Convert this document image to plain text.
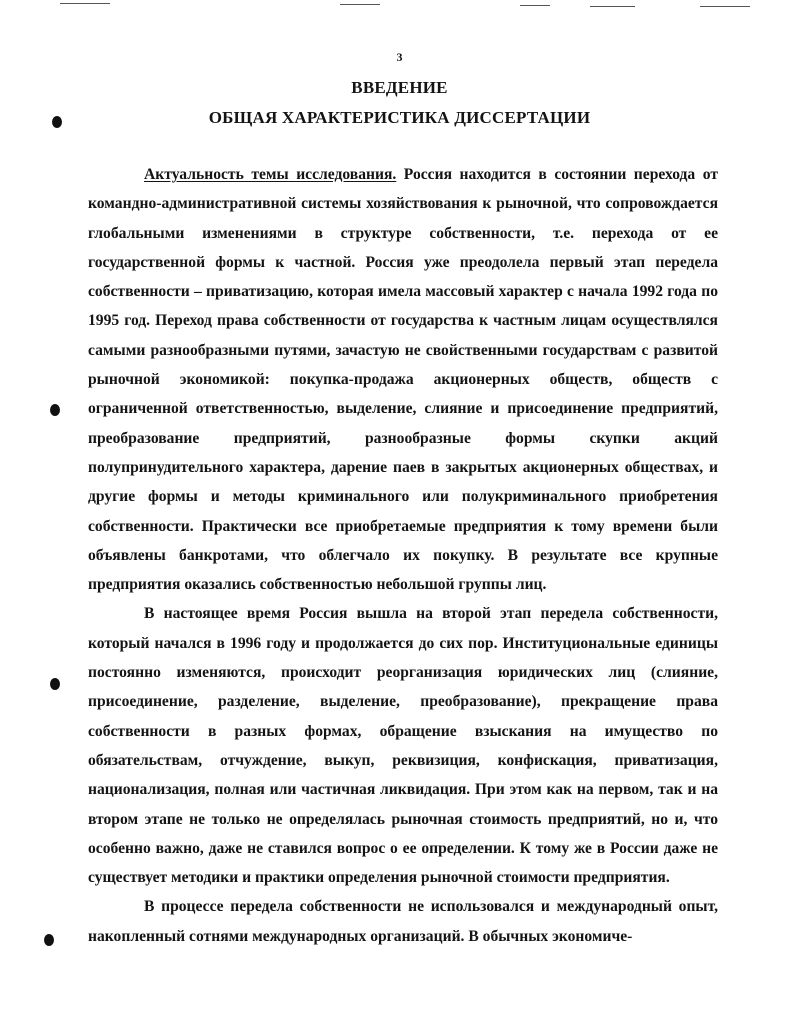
3
ВВЕДЕНИЕ
ОБЩАЯ ХАРАКТЕРИСТИКА ДИССЕРТАЦИИ

Актуальность темы исследования. Россия находится в состоянии перехода от командно-административной системы хозяйствования к рыночной, что сопровождается глобальными изменениями в структуре собственности, т.е. перехода от ее государственной формы к частной. Россия уже преодолела первый этап передела собственности – приватизацию, которая имела массовый характер с начала 1992 года по 1995 год. Переход права собственности от государства к частным лицам осуществлялся самыми разнообразными путями, зачастую не свойственными государствам с развитой рыночной экономикой: покупка-продажа акционерных обществ, обществ с ограниченной ответственностью, выделение, слияние и присоединение предприятий, преобразование предприятий, разнообразные формы скупки акций полупринудительного характера, дарение паев в закрытых акционерных обществах, и другие формы и методы криминального или полукриминального приобретения собственности. Практически все приобретаемые предприятия к тому времени были объявлены банкротами, что облегчало их покупку. В результате все крупные предприятия оказались собственностью небольшой группы лиц.

В настоящее время Россия вышла на второй этап передела собственности, который начался в 1996 году и продолжается до сих пор. Институциональные единицы постоянно изменяются, происходит реорганизация юридических лиц (слияние, присоединение, разделение, выделение, преобразование), прекращение права собственности в разных формах, обращение взыскания на имущество по обязательствам, отчуждение, выкуп, реквизиция, конфискация, приватизация, национализация, полная или частичная ликвидация. При этом как на первом, так и на втором этапе не только не определялась рыночная стоимость предприятий, но и, что особенно важно, даже не ставился вопрос о ее определении. К тому же в России даже не существует методики и практики определения рыночной стоимости предприятия.

В процессе передела собственности не использовался и международный опыт, накопленный сотнями международных организаций. В обычных экономиче-
